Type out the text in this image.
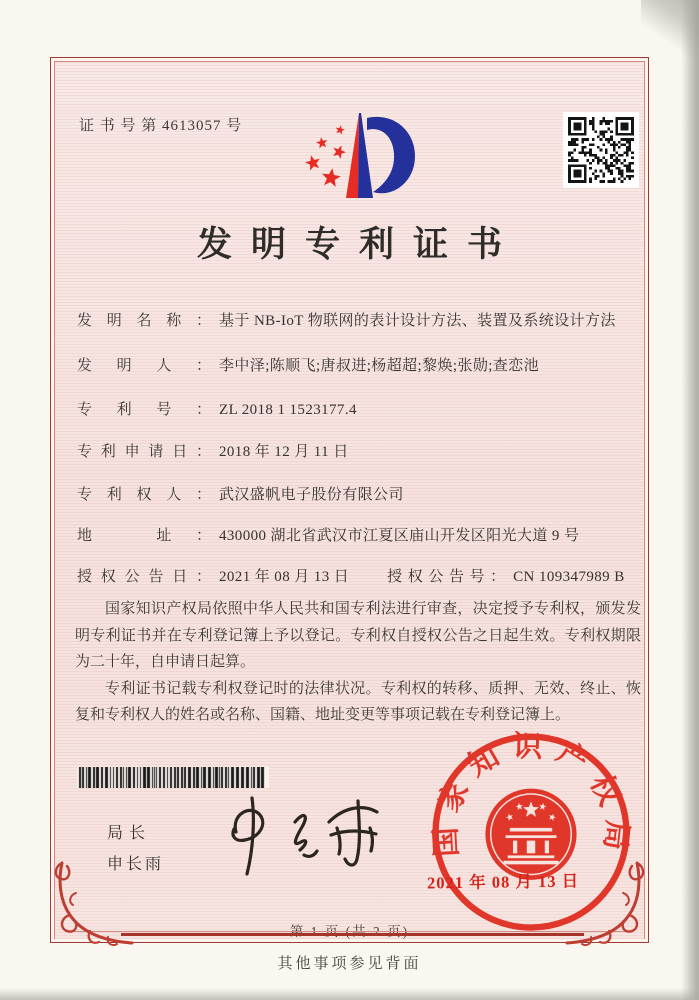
证 书 号 第 4613057 号
发明专利证书
发明名称： 基于 NB-IoT 物联网的表计设计方法、装置及系统设计方法
发明人： 李中泽;陈顺飞;唐叔进;杨超超;黎焕;张勋;查恋池
专利号： ZL 2018 1 1523177.4
专利申请日： 2018 年 12 月 11 日
专利权人： 武汉盛帆电子股份有限公司
地　址： 430000 湖北省武汉市江夏区庙山开发区阳光大道 9 号
授权公告日： 2021 年 08 月 13 日	授权公告号： CN 109347989 B

国家知识产权局依照中华人民共和国专利法进行审查，决定授予专利权，颁发发明专利证书并在专利登记簿上予以登记。专利权自授权公告之日起生效。专利权期限为二十年，自申请日起算。

专利证书记载专利权登记时的法律状况。专利权的转移、质押、无效、终止、恢复和专利权人的姓名或名称、国籍、地址变更等事项记载在专利登记簿上。

局长
申长雨
国家知识产权局
2021 年 08 月 13 日
其他事项参见背面
